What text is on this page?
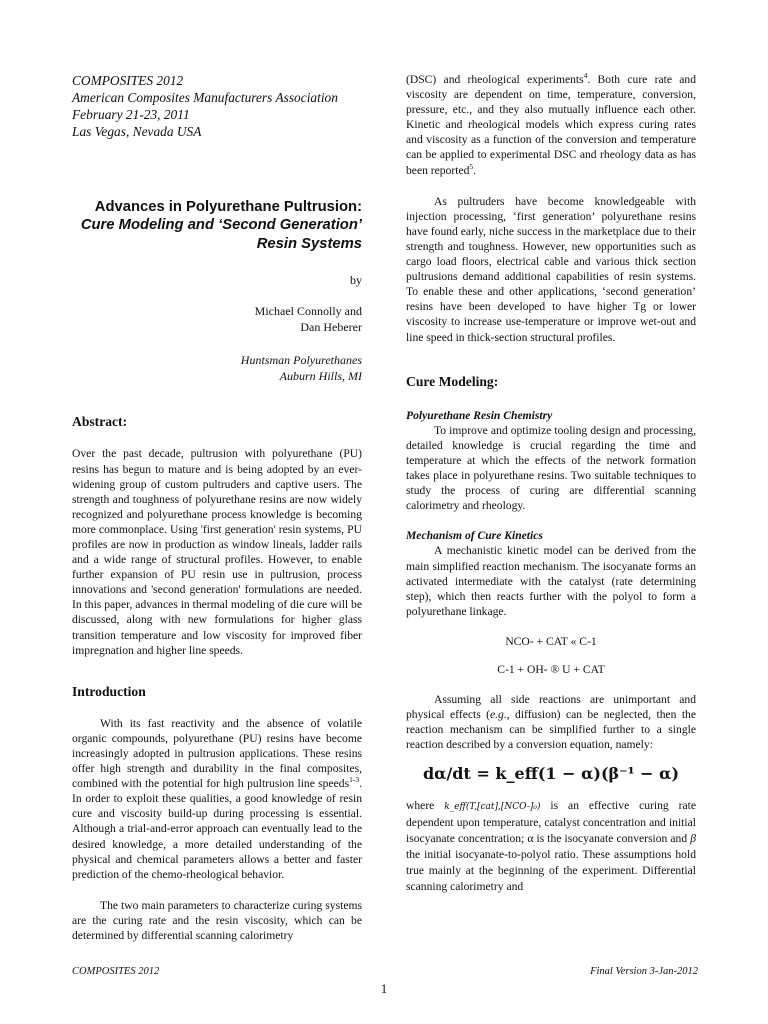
COMPOSITES 2012

American Composites Manufacturers Association

February 21-23, 2011

Las Vegas, Nevada USA

Advances in Polyurethane Pultrusion:
Cure Modeling and ‘Second Generation’
Resin Systems
by
Michael Connolly and
Dan Heberer
Huntsman Polyurethanes
Auburn Hills, MI

Abstract:

Over the past decade, pultrusion with polyurethane (PU) resins has begun to mature and is being adopted by an ever-widening group of custom pultruders and captive users. The strength and toughness of polyurethane resins are now widely recognized and polyurethane process knowledge is becoming more commonplace. Using 'first generation' resin systems, PU profiles are now in production as window lineals, ladder rails and a wide range of structural profiles. However, to enable further expansion of PU resin use in pultrusion, process innovations and 'second generation' formulations are needed. In this paper, advances in thermal modeling of die cure will be discussed, along with new formulations for higher glass transition temperature and low viscosity for improved fiber impregnation and higher line speeds.

Introduction

With its fast reactivity and the absence of volatile organic compounds, polyurethane (PU) resins have become increasingly adopted in pultrusion applications. These resins offer high strength and durability in the final composites, combined with the potential for high pultrusion line speeds$^{1-3}$. In order to exploit these qualities, a good knowledge of resin cure and viscosity build-up during processing is essential. Although a trial-and-error approach can eventually lead to the desired knowledge, a more detailed understanding of the physical and chemical parameters allows a better and faster prediction of the chemo-rheological behavior.

The two main parameters to characterize curing systems are the curing rate and the resin viscosity, which can be determined by differential scanning calorimetry

(DSC) and rheological experiments$^4$. Both cure rate and viscosity are dependent on time, temperature, conversion, pressure, etc., and they also mutually influence each other. Kinetic and rheological models which express curing rates and viscosity as a function of the conversion and temperature can be applied to experimental DSC and rheology data as has been reported$^5$.

As pultruders have become knowledgeable with injection processing, ‘first generation’ polyurethane resins have found early, niche success in the marketplace due to their strength and toughness. However, new opportunities such as cargo load floors, electrical cable and various thick section pultrusions demand additional capabilities of resin systems. To enable these and other applications, ‘second generation’ resins have been developed to have higher Tg or lower viscosity to increase use-temperature or improve wet-out and line speed in thick-section structural profiles.

Cure Modeling:

Polyurethane Resin Chemistry

To improve and optimize tooling design and processing, detailed knowledge is crucial regarding the time and temperature at which the effects of the network formation takes place in polyurethane resins. Two suitable techniques to study the process of curing are differential scanning calorimetry and rheology.

Mechanism of Cure Kinetics

A mechanistic kinetic model can be derived from the main simplified reaction mechanism. The isocyanate forms an activated intermediate with the catalyst (rate determining step), which then reacts further with the polyol to form a polyurethane linkage.

NCO- + CAT « C-1

C-1 + OH- ® U + CAT

Assuming all side reactions are unimportant and physical effects (e.g., diffusion) can be neglected, then the reaction mechanism can be simplified further to a single reaction described by a conversion equation, namely:

dα/dt = k_eff(1 − α)(β⁻¹ − α)

where k_eff(T,[cat],[NCO-]₀) is an effective curing rate dependent upon temperature, catalyst concentration and initial isocyanate concentration; α is the isocyanate conversion and β the initial isocyanate-to-polyol ratio. These assumptions hold true mainly at the beginning of the experiment. Differential scanning calorimetry and

COMPOSITES 2012	Final Version 3-Jan-2012
1
